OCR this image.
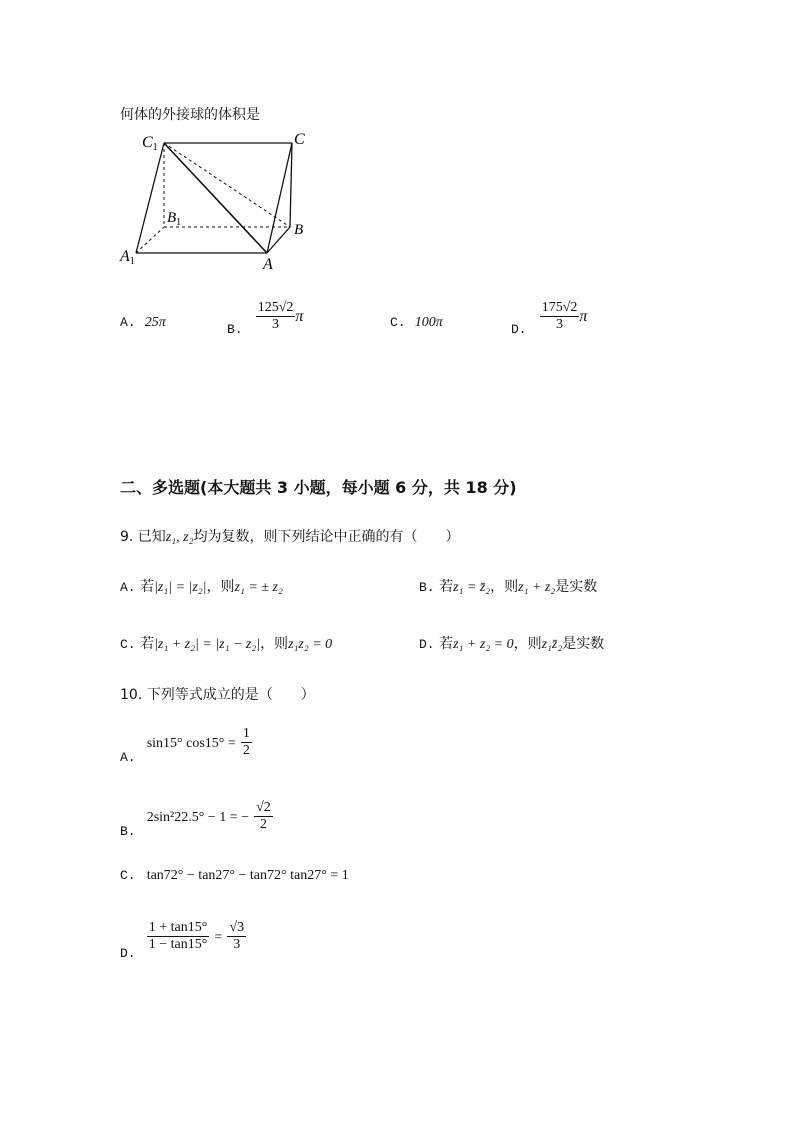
何体的外接球的体积是
C1	C
$B_1$	B
A1	A
A. 25π	$_{B.} \frac{125√2}{3}$ π	C. 100π	$_{D.} \frac{175√2}{3}$ π
二、多选题(本大题共 3 小题，每小题 6 分，共 18 分)
9. 已知z₁, z₂均为复数，则下列结论中正确的有（　　）
A. 若|z₁| = |z₂|，则z₁ = ± z₂	B. 若z₁ = z̄₂，则z₁ + z₂是实数
C. 若|z₁ + z₂| = |z₁ − z₂|，则z₁z₂ = 0	D. 若z₁ + z₂ = 0，则z₁z̄₂是实数
10. 下列等式成立的是（　　）
$_{A.}$ sin15° $\cos 15^\circ = \frac{1}{2}$
$_{B.}$ 2sin²22.5° − 1 = − $\frac{√2}{2}$
C. tan72° − tan27° − tan72° tan27° = 1
$_{D.}$
$\frac{1 + \tan 15^\circ}{1 - \tan 15^\circ} = \frac{√3}{3}$
